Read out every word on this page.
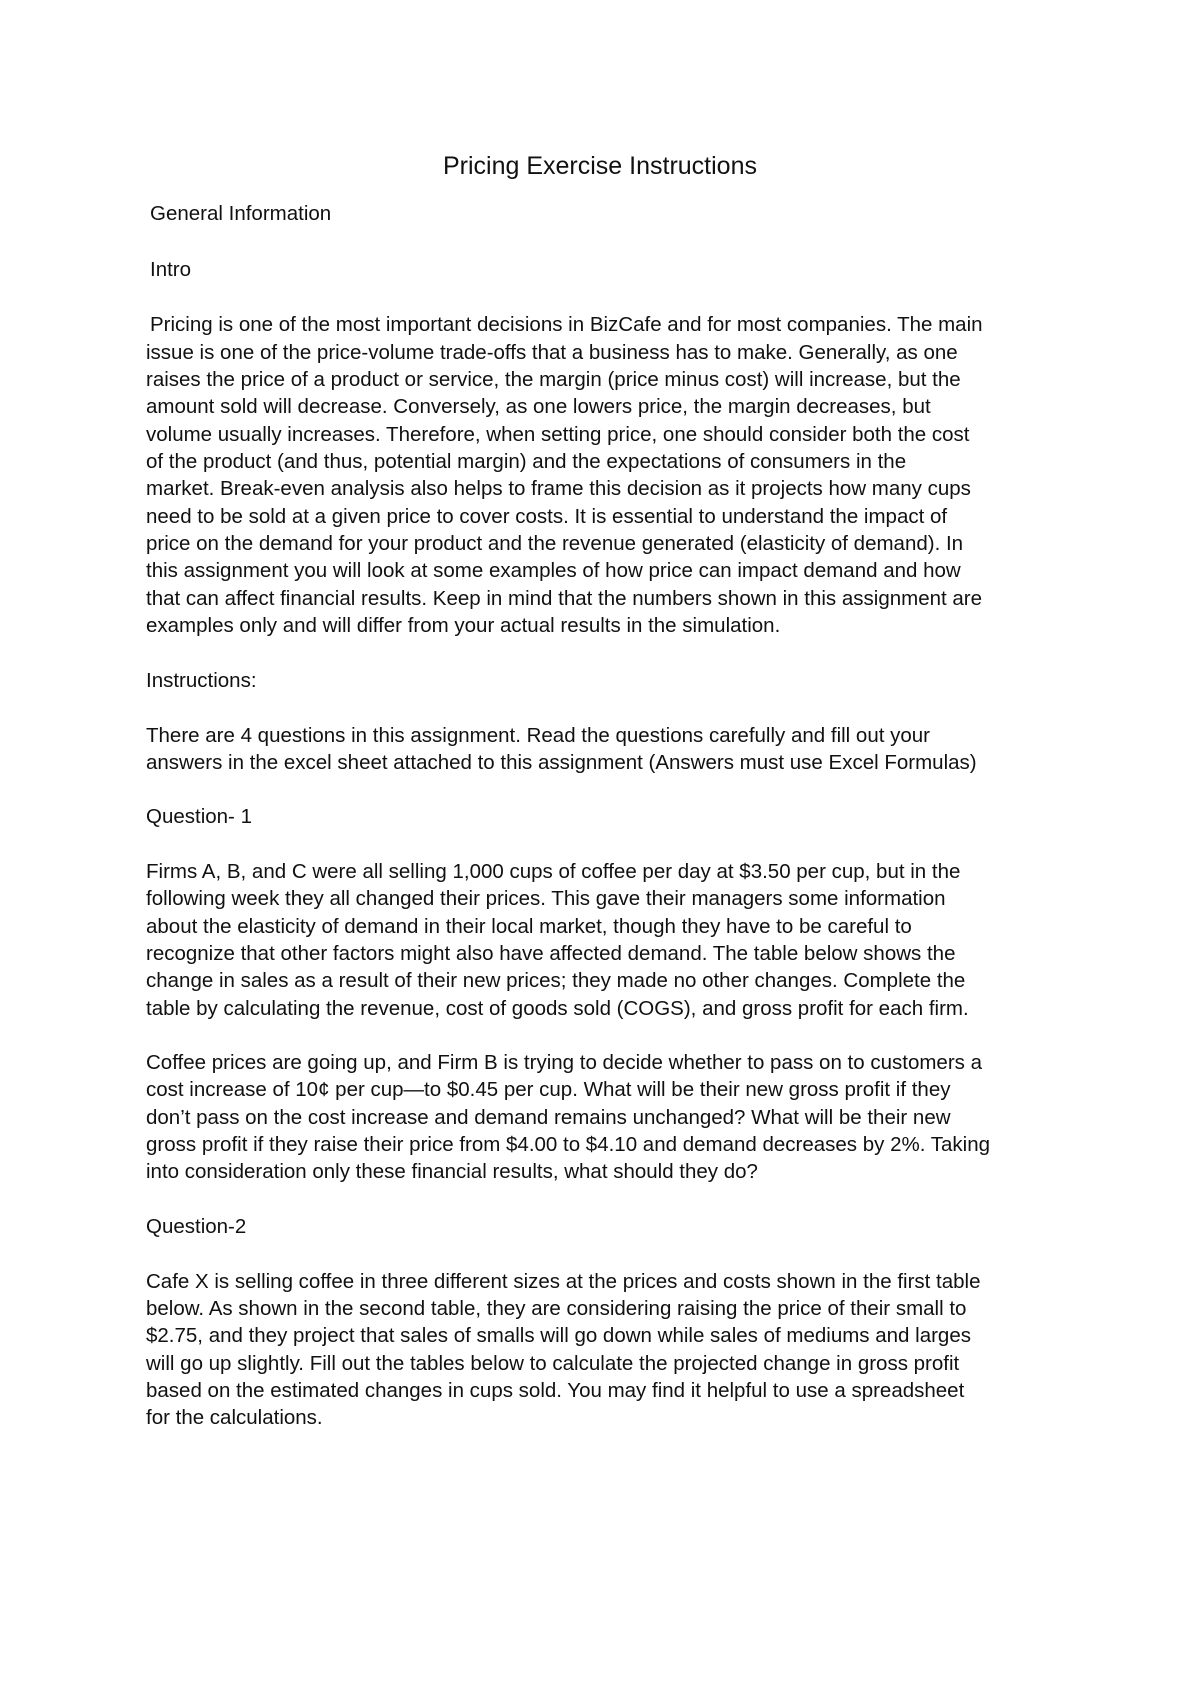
Pricing Exercise Instructions

General Information

Intro

Pricing is one of the most important decisions in BizCafe and for most companies. The main

issue is one of the price-volume trade-offs that a business has to make. Generally, as one

raises the price of a product or service, the margin (price minus cost) will increase, but the

amount sold will decrease. Conversely, as one lowers price, the margin decreases, but

volume usually increases. Therefore, when setting price, one should consider both the cost

of the product (and thus, potential margin) and the expectations of consumers in the

market. Break-even analysis also helps to frame this decision as it projects how many cups

need to be sold at a given price to cover costs. It is essential to understand the impact of

price on the demand for your product and the revenue generated (elasticity of demand). In

this assignment you will look at some examples of how price can impact demand and how

that can affect financial results. Keep in mind that the numbers shown in this assignment are

examples only and will differ from your actual results in the simulation.

Instructions:

There are 4 questions in this assignment. Read the questions carefully and fill out your

answers in the excel sheet attached to this assignment (Answers must use Excel Formulas)

Question- 1

Firms A, B, and C were all selling 1,000 cups of coffee per day at $3.50 per cup, but in the

following week they all changed their prices. This gave their managers some information

about the elasticity of demand in their local market, though they have to be careful to

recognize that other factors might also have affected demand. The table below shows the

change in sales as a result of their new prices; they made no other changes. Complete the

table by calculating the revenue, cost of goods sold (COGS), and gross profit for each firm.

Coffee prices are going up, and Firm B is trying to decide whether to pass on to customers a

cost increase of 10¢ per cup—to $0.45 per cup. What will be their new gross profit if they

don’t pass on the cost increase and demand remains unchanged? What will be their new

gross profit if they raise their price from $4.00 to $4.10 and demand decreases by 2%. Taking

into consideration only these financial results, what should they do?

Question-2

Cafe X is selling coffee in three different sizes at the prices and costs shown in the first table

below. As shown in the second table, they are considering raising the price of their small to

$2.75, and they project that sales of smalls will go down while sales of mediums and larges

will go up slightly. Fill out the tables below to calculate the projected change in gross profit

based on the estimated changes in cups sold. You may find it helpful to use a spreadsheet

for the calculations.
